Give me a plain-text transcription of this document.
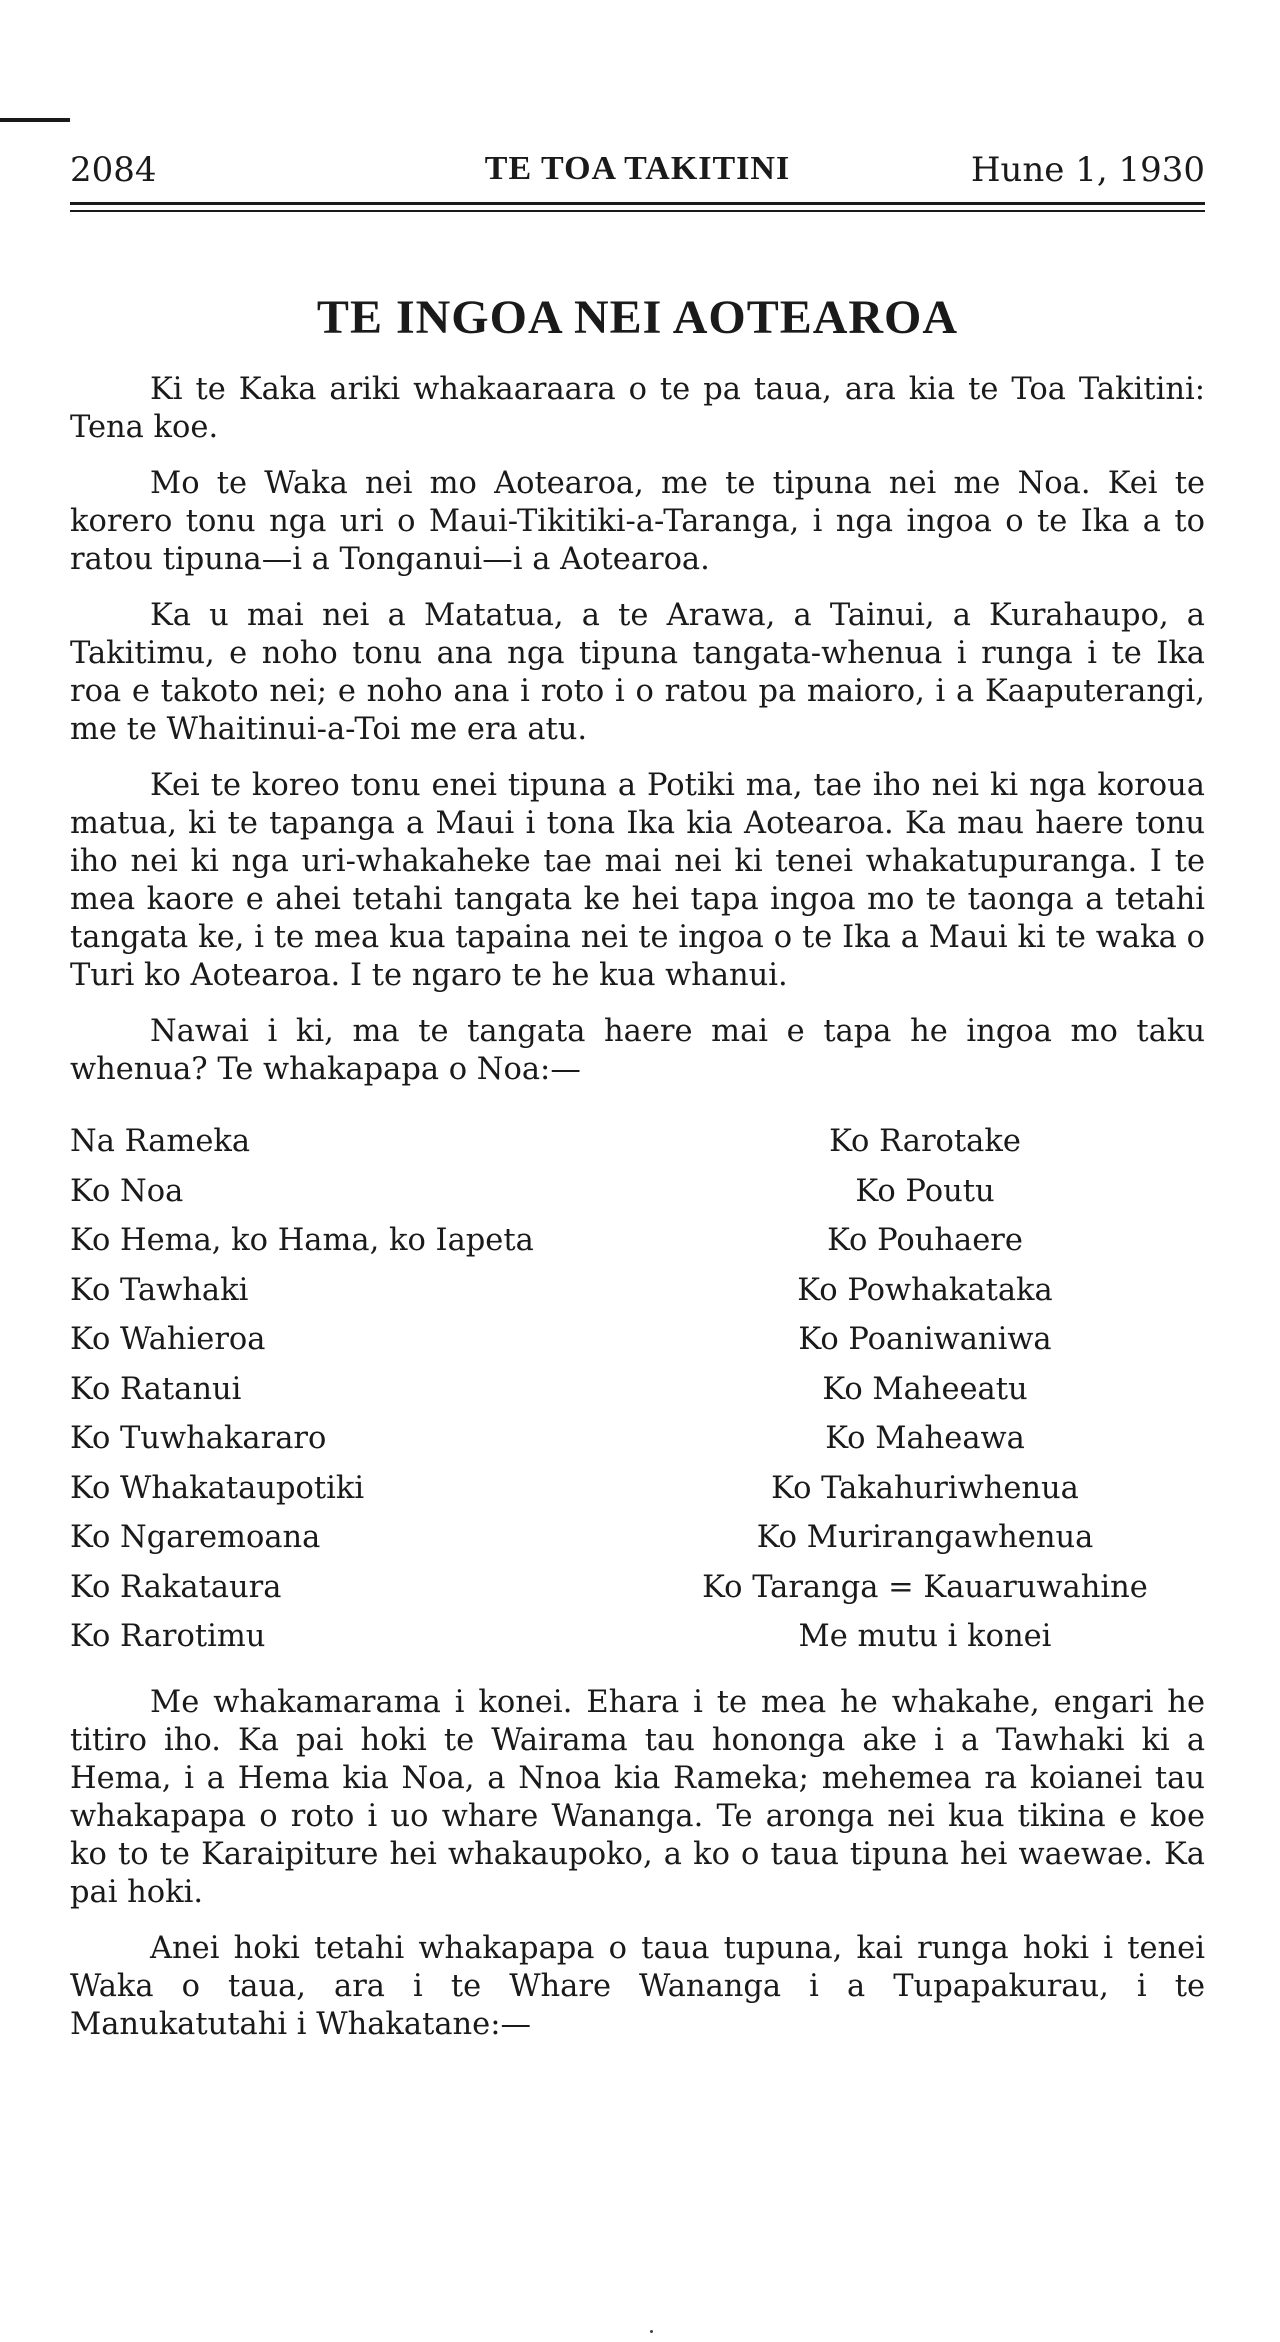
2084	TE TOA TAKITINI	Hune 1, 1930
TE INGOA NEI AOTEAROA

Ki te Kaka ariki whakaaraara o te pa taua, ara kia te Toa Takitini: Tena koe.

Mo te Waka nei mo Aotearoa, me te tipuna nei me Noa. Kei te korero tonu nga uri o Maui-Tikitiki-a-Taranga, i nga ingoa o te Ika a to ratou tipuna—i a Tonganui—i a Aotearoa.

Ka u mai nei a Matatua, a te Arawa, a Tainui, a Kurahaupo, a Takitimu, e noho tonu ana nga tipuna tangata-whenua i runga i te Ika roa e takoto nei; e noho ana i roto i o ratou pa maioro, i a Kaaputerangi, me te Whaitinui-a-Toi me era atu.

Kei te koreo tonu enei tipuna a Potiki ma, tae iho nei ki nga koroua matua, ki te tapanga a Maui i tona Ika kia Aotearoa. Ka mau haere tonu iho nei ki nga uri-whakaheke tae mai nei ki tenei whakatupuranga. I te mea kaore e ahei tetahi tangata ke hei tapa ingoa mo te taonga a tetahi tangata ke, i te mea kua tapaina nei te ingoa o te Ika a Maui ki te waka o Turi ko Aotearoa. I te ngaro te he kua whanui.

Nawai i ki, ma te tangata haere mai e tapa he ingoa mo taku whenua? Te whakapapa o Noa:—

Na Rameka
Ko Noa
Ko Hema, ko Hama, ko Iapeta
Ko Tawhaki
Ko Wahieroa
Ko Ratanui
Ko Tuwhakararo
Ko Whakataupotiki
Ko Ngaremoana
Ko Rakataura
Ko Rarotimu
Ko Rarotake
Ko Poutu
Ko Pouhaere
Ko Powhakataka
Ko Poaniwaniwa
Ko Maheeatu
Ko Maheawa
Ko Takahuriwhenua
Ko Murirangawhenua
Ko Taranga = Kauaruwahine
Me mutu i konei

Me whakamarama i konei. Ehara i te mea he whakahe, engari he titiro iho. Ka pai hoki te Wairama tau hononga ake i a Tawhaki ki a Hema, i a Hema kia Noa, a Nnoa kia Rameka; mehemea ra koianei tau whakapapa o roto i uo whare Wananga. Te aronga nei kua tikina e koe ko to te Karaipiture hei whakaupoko, a ko o taua tipuna hei waewae. Ka pai hoki.

Anei hoki tetahi whakapapa o taua tupuna, kai runga hoki i tenei Waka o taua, ara i te Whare Wananga i a Tupapakurau, i te Manukatutahi i Whakatane:—
